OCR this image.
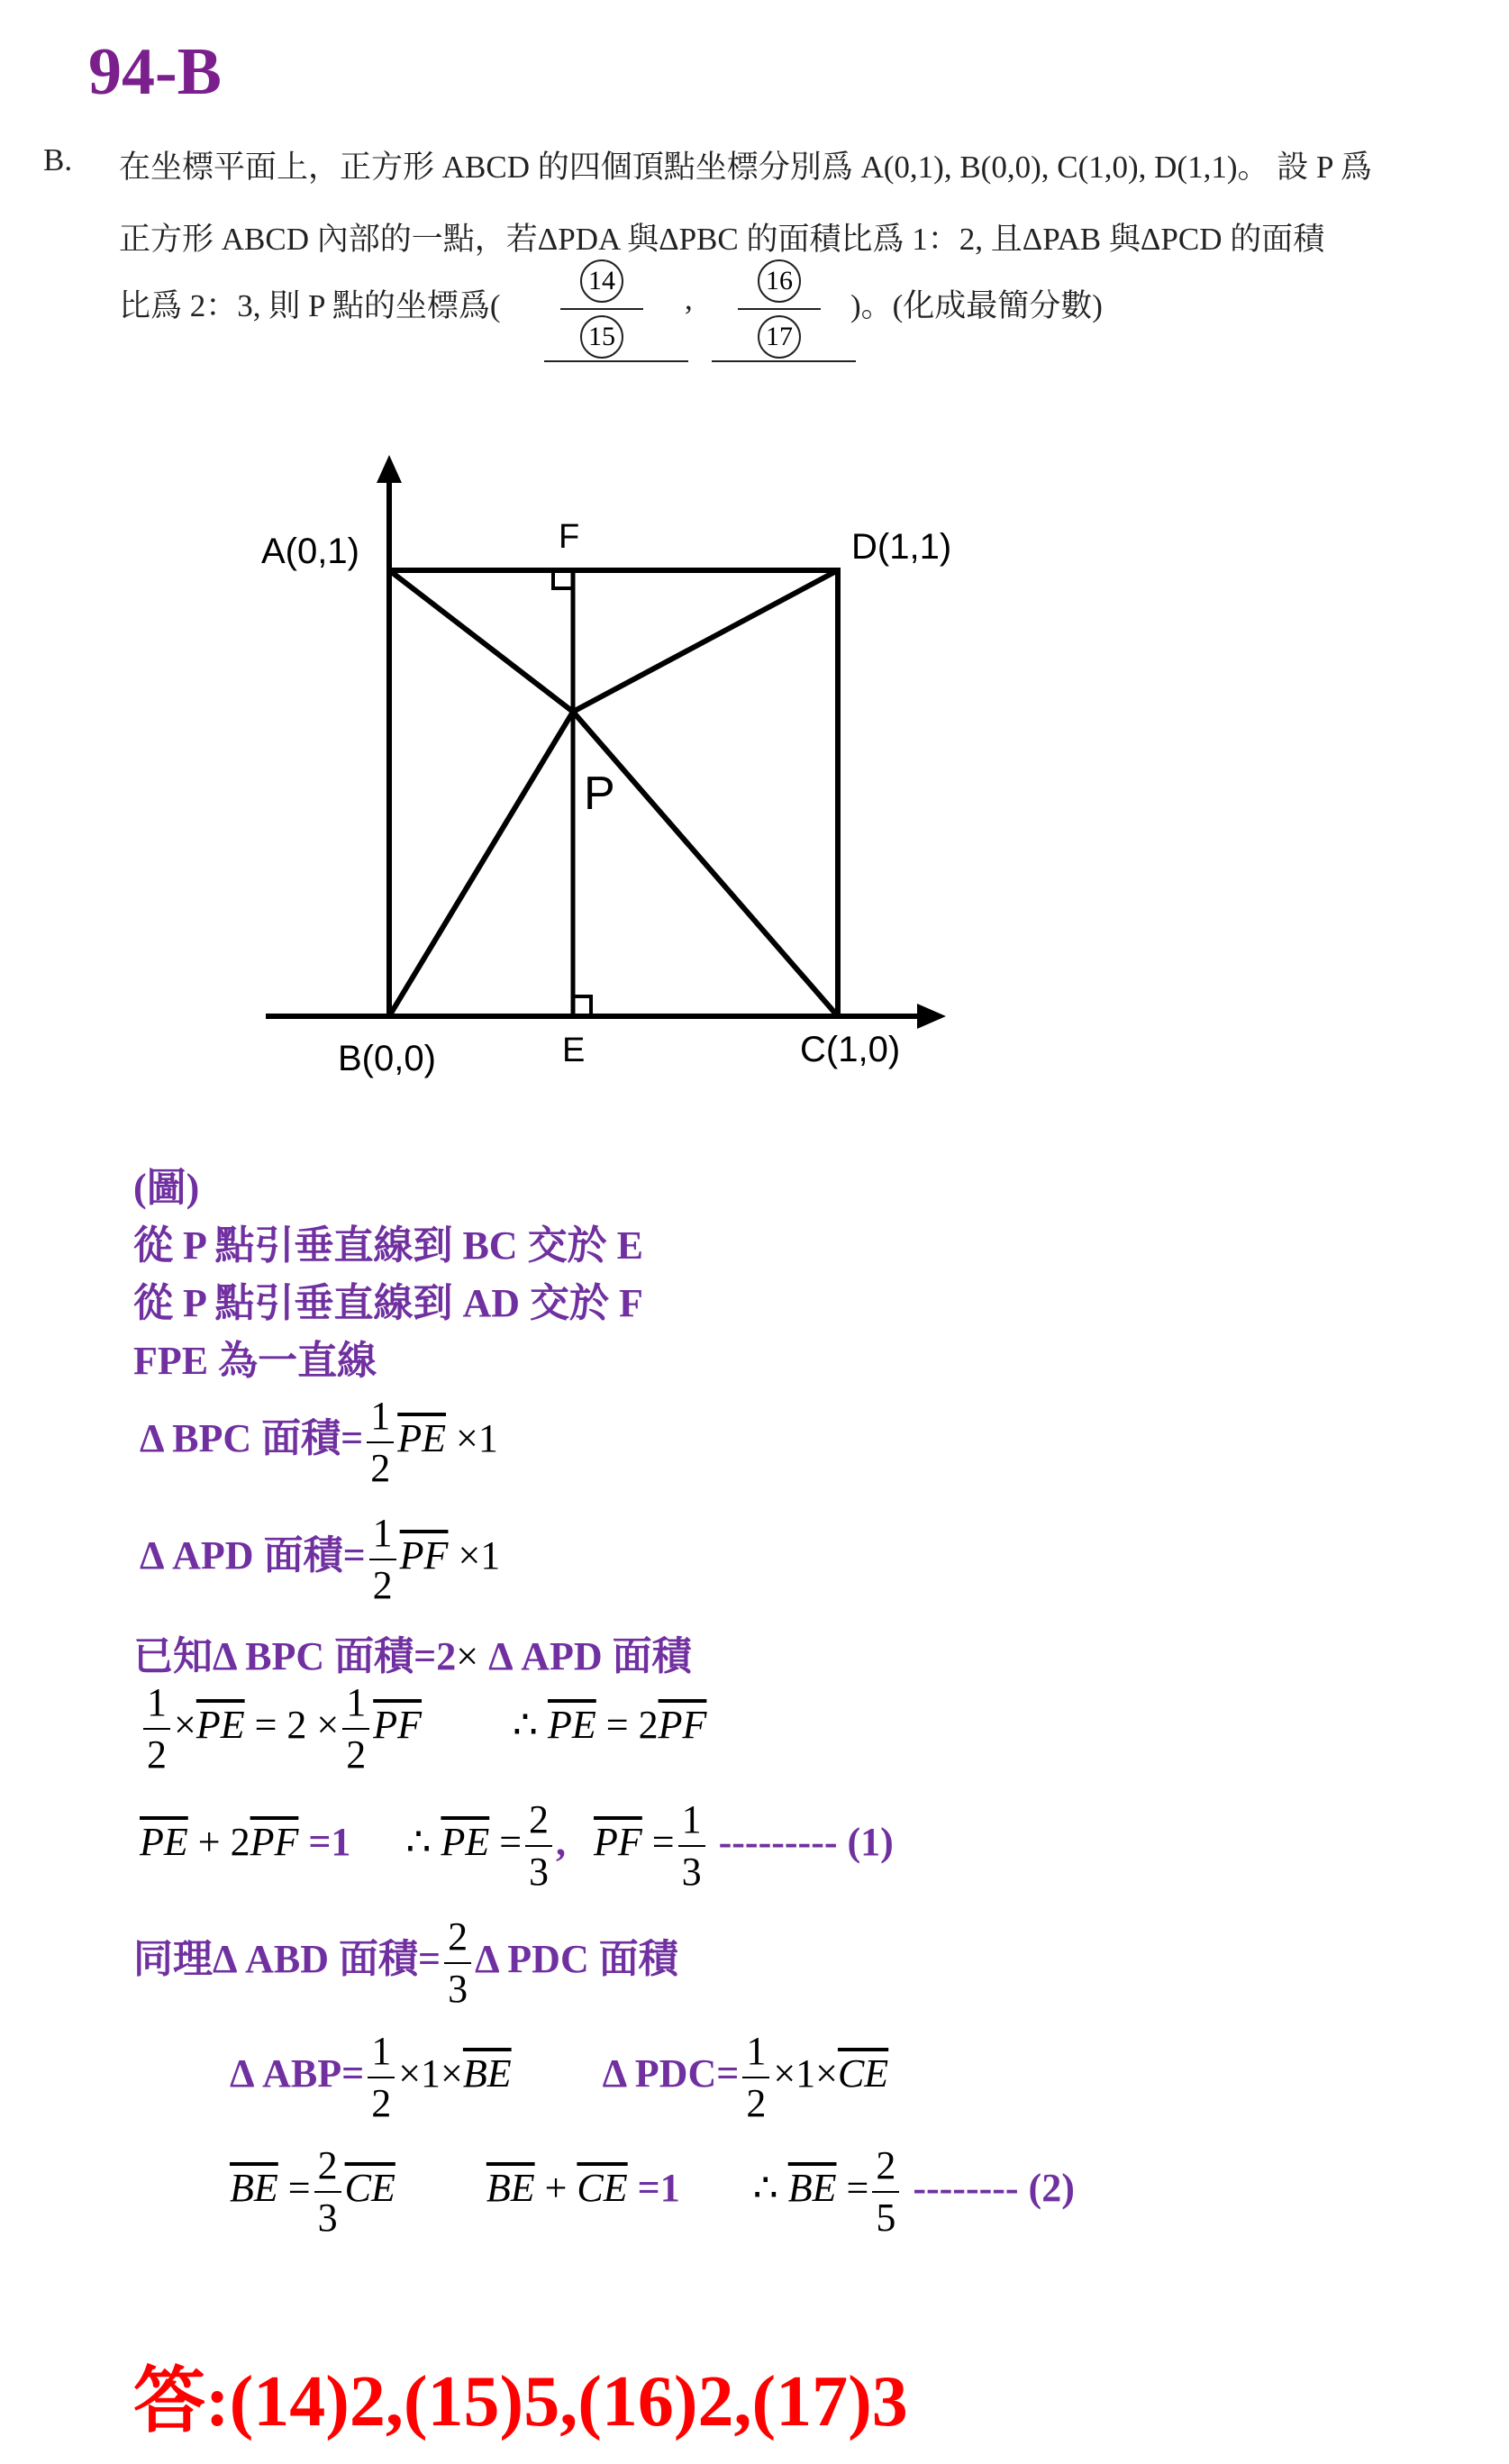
94-B
B. 在坐標平面上，正方形 ABCD 的四個頂點坐標分別爲 A(0,1), B(0,0), C(1,0), D(1,1)。 設 P 爲
正方形 ABCD 內部的一點，若ΔPDA 與ΔPBC 的面積比爲 1：2, 且ΔPAB 與ΔPCD 的面積
比爲 2：3, 則 P 點的坐標爲(
14
15
,
16
17
)。(化成最簡分數)
A(0,1)
B(0,0)	C(1,0)
D(1,1)
E
F
P
(圖)
從 P 點引垂直線到 BC 交於 E
從 P 點引垂直線到 AD 交於 F
FPE 為一直線
Δ BPC 面積= $\frac{1}{2} \overline{PE} \times 1$
Δ APD 面積= $\frac{1}{2} \overline{PF} \times 1$
已知Δ BPC 面積=2× Δ APD 面積
$\frac{1}{2} \times\overline{PE} = 2 \times \frac{1}{2} \overline{PF}$ ∴ $\overline{PE} = 2\overline{PF}$
$\overline{PE} + 2\overline{PF} =1$ ∴ $\overline{PE} = \frac{2}{3}$ , $\overline{PF} = \frac{1}{3}$ --------- (1)
同理Δ ABD 面積= $\frac{2}{3}$ Δ PDC 面積
Δ $ABP= \frac{1}{2} \times 1\times\overline{BE}$ Δ $PDC= \frac{1}{2} \times 1\times\overline{CE}$
$\overline{BE} = \frac{2}{3} \overline{CE}$ $\overline{BE} + \overline{CE} =1$ ∴ $\overline{BE} = \frac{2}{5}$ -------- (2)
答:(14)2,(15)5,(16)2,(17)3
